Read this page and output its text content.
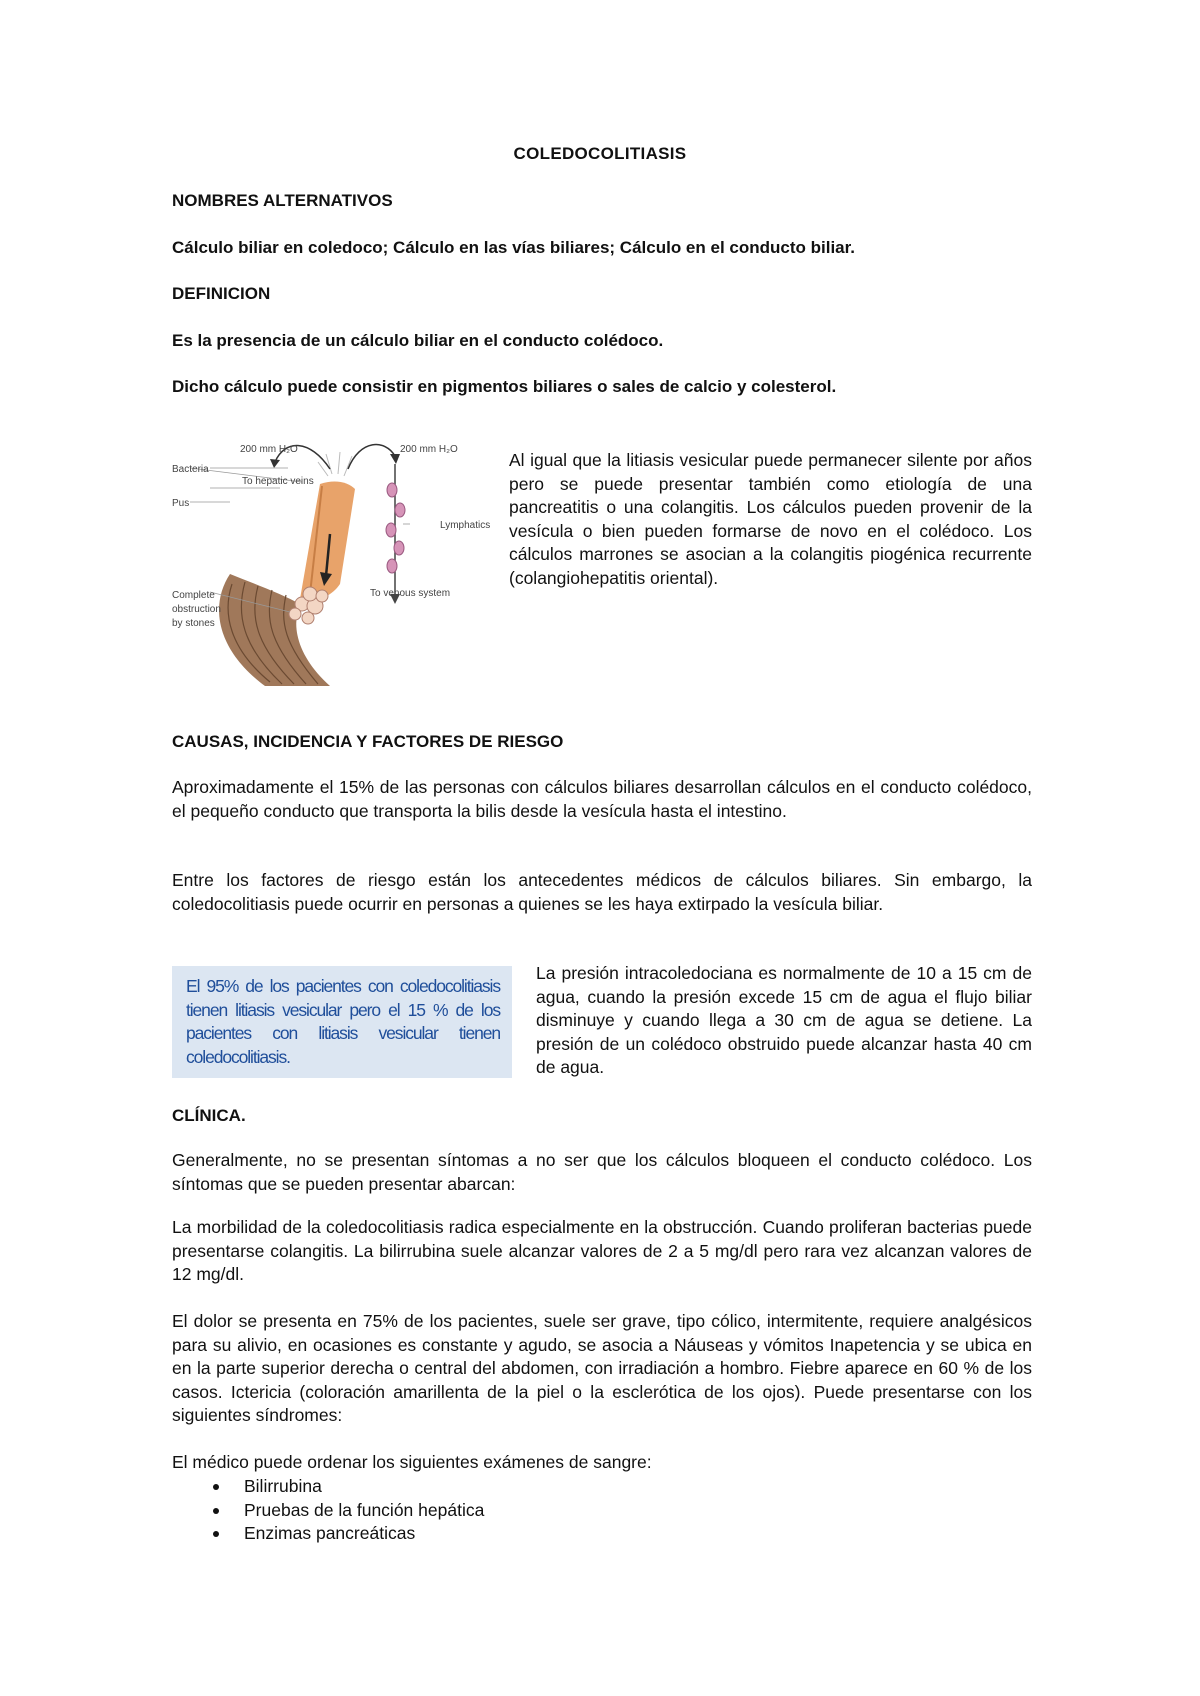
COLEDOCOLITIASIS
NOMBRES ALTERNATIVOS
Cálculo biliar en coledoco; Cálculo en las vías biliares; Cálculo en el conducto biliar.
DEFINICION
Es la presencia de un cálculo biliar en el conducto colédoco.
Dicho cálculo puede consistir en pigmentos biliares o sales de calcio y colesterol.
200 mm H₂O	200 mm H₂O
To hepatic veins
Bacteria
Pus
Lymphatics
To venous system
Complete
obstruction
by stones
Al igual que la litiasis vesicular puede permanecer silente por años pero se puede presentar también como etiología de una pancreatitis o una colangitis. Los cálculos pueden provenir de la vesícula o bien pueden formarse de novo en el colédoco. Los cálculos marrones se asocian a la colangitis piogénica recurrente (colangiohepatitis oriental).
CAUSAS, INCIDENCIA Y FACTORES DE RIESGO
Aproximadamente el 15% de las personas con cálculos biliares desarrollan cálculos en el conducto colédoco, el pequeño conducto que transporta la bilis desde la vesícula hasta el intestino.
Entre los factores de riesgo están los antecedentes médicos de cálculos biliares. Sin embargo, la coledocolitiasis puede ocurrir en personas a quienes se les haya extirpado la vesícula biliar.
El 95% de los pacientes con coledocolitiasis tienen litiasis vesicular pero el 15 % de los pacientes con litiasis vesicular tienen coledocolitiasis.
La presión intracoledociana es normalmente de 10 a 15 cm de agua, cuando la presión excede 15 cm de agua el flujo biliar disminuye y cuando llega a 30 cm de agua se detiene. La presión de un colédoco obstruido puede alcanzar hasta 40 cm de agua.
CLÍNICA.
Generalmente, no se presentan síntomas a no ser que los cálculos bloqueen el conducto colédoco. Los síntomas que se pueden presentar abarcan:
La morbilidad de la coledocolitiasis radica especialmente en la obstrucción. Cuando proliferan bacterias puede presentarse colangitis. La bilirrubina suele alcanzar valores de 2 a 5 mg/dl pero rara vez alcanzan valores de 12 mg/dl.
El dolor se presenta en 75% de los pacientes, suele ser grave, tipo cólico, intermitente, requiere analgésicos para su alivio, en ocasiones es constante y agudo, se asocia a Náuseas y vómitos Inapetencia y se ubica en en la parte superior derecha o central del abdomen, con irradiación a hombro. Fiebre aparece en 60 % de los casos. Ictericia (coloración amarillenta de la piel o la esclerótica de los ojos). Puede presentarse con los siguientes síndromes:
El médico puede ordenar los siguientes exámenes de sangre:
Bilirrubina
Pruebas de la función hepática
Enzimas pancreáticas
